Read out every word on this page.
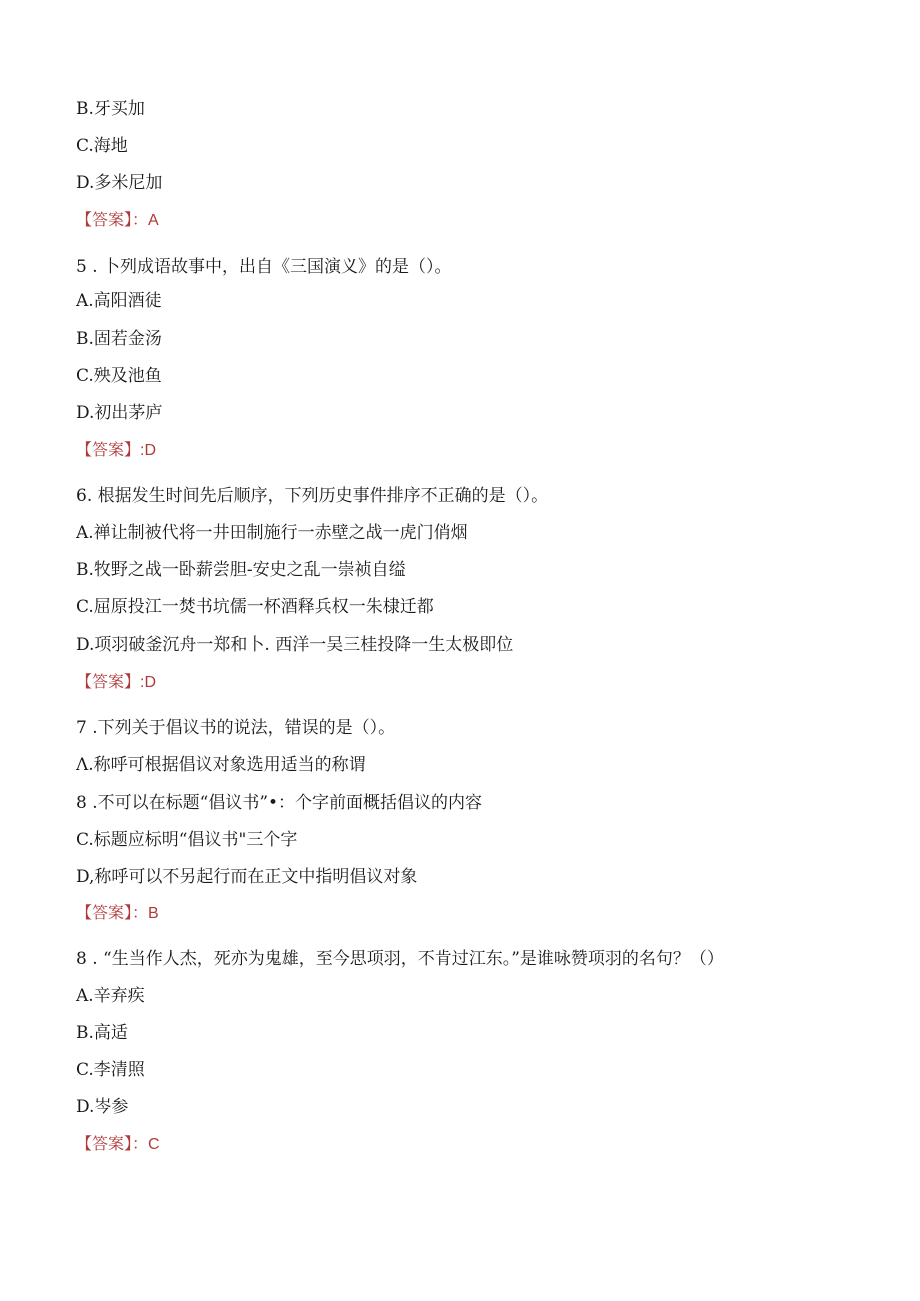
B.牙买加
C.海地
D.多米尼加
【答案】：A
5 . 卜列成语故事中，出自《三国演义》的是（）。
A.高阳酒徒
B.固若金汤
C.殃及池鱼
D.初出茅庐
【答案】:D
6. 根据发生时间先后顺序，下列历史事件排序不正确的是（）。
A.禅让制被代将一井田制施行一赤壁之战一虎门俏烟
B.牧野之战一卧薪尝胆-安史之乱一崇祯自缢
C.屈原投江一焚书坑儒一杯酒释兵权一朱棣迁都
D.项羽破釜沉舟一郑和卜. 西洋一吴三桂投降一生太极即位
【答案】:D
7 .下列关于倡议书的说法，错误的是（）。
Λ.称呼可根据倡议对象选用适当的称谓
8 .不可以在标题“倡议书”•：个字前面概括倡议的内容
C.标题应标明“倡议书"三个字
D,称呼可以不另起行而在正文中指明倡议对象
【答案】：B
8 . “生当作人杰，死亦为鬼雄，至今思项羽，不肯过江东。”是谁咏赞项羽的名句？（）
A.辛弃疾
B.高适
C.李清照
D.岑参
【答案】：C
